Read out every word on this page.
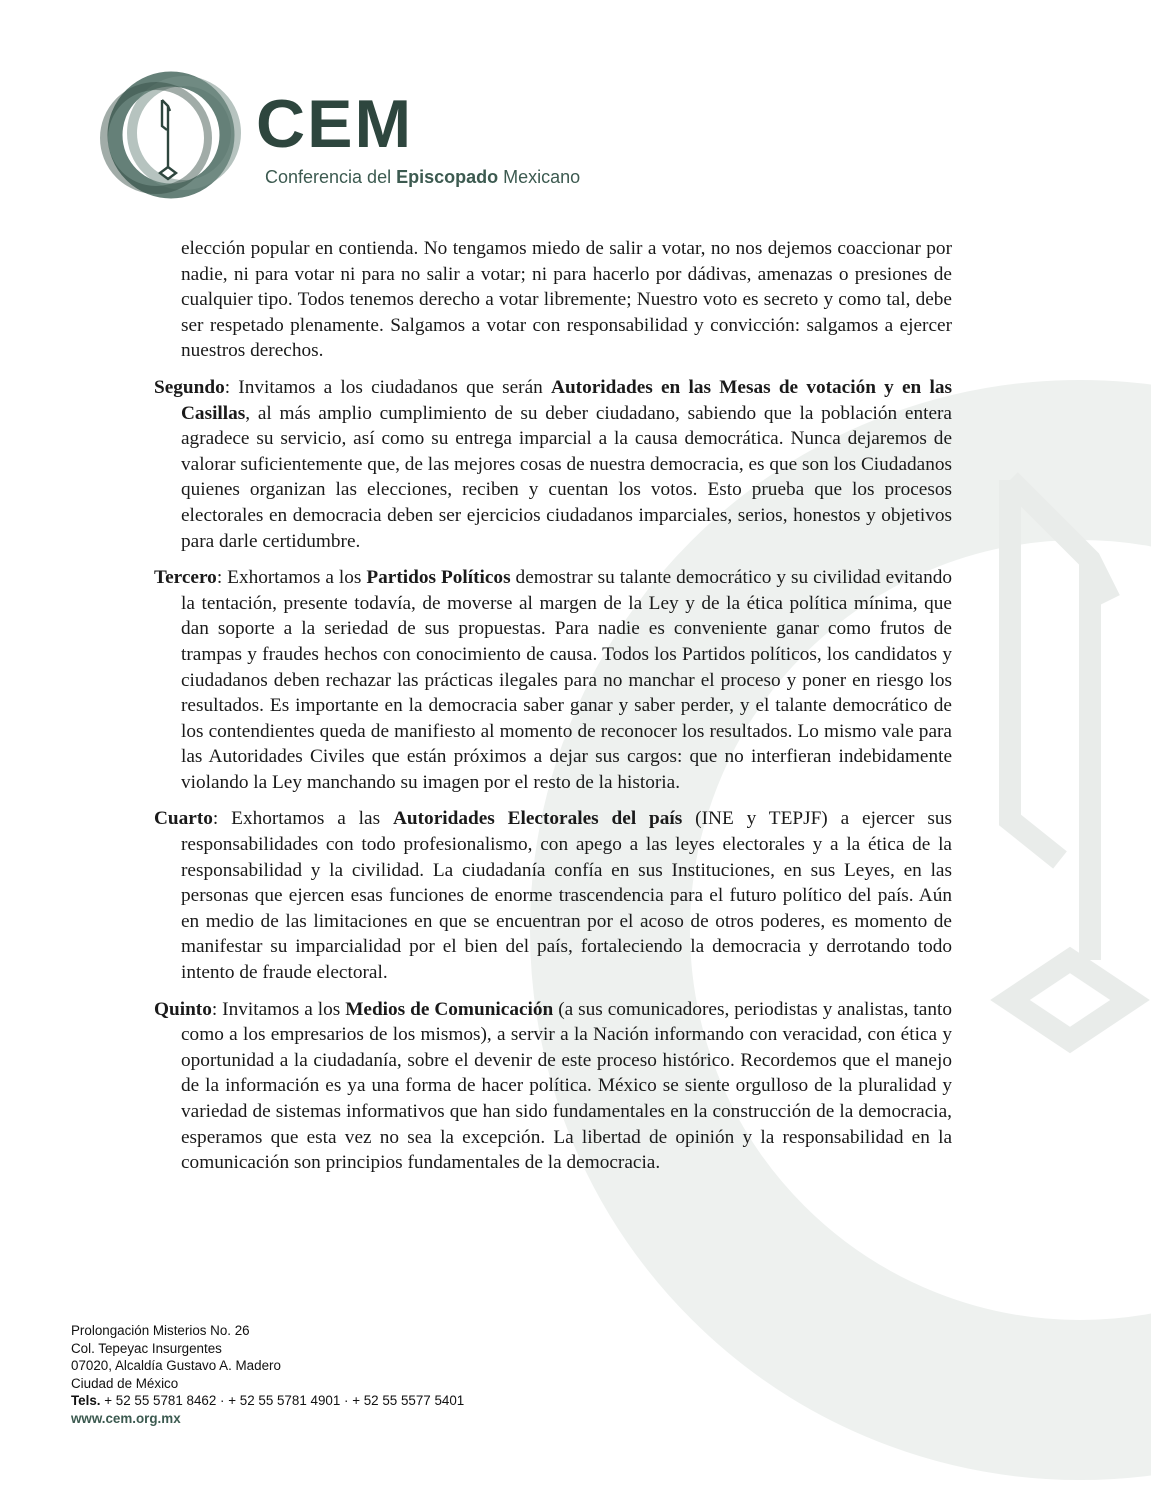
CEM
Conferencia del Episcopado Mexicano

elección popular en contienda. No tengamos miedo de salir a votar, no nos dejemos coaccionar por nadie, ni para votar ni para no salir a votar; ni para hacerlo por dádivas, amenazas o presiones de cualquier tipo. Todos tenemos derecho a votar libremente; Nuestro voto es secreto y como tal, debe ser respetado plenamente. Salgamos a votar con responsabilidad y convicción: salgamos a ejercer nuestros derechos.

Segundo: Invitamos a los ciudadanos que serán Autoridades en las Mesas de votación y en las Casillas, al más amplio cumplimiento de su deber ciudadano, sabiendo que la población entera agradece su servicio, así como su entrega imparcial a la causa democrática. Nunca dejaremos de valorar suficientemente que, de las mejores cosas de nuestra democracia, es que son los Ciudadanos quienes organizan las elecciones, reciben y cuentan los votos. Esto prueba que los procesos electorales en democracia deben ser ejercicios ciudadanos imparciales, serios, honestos y objetivos para darle certidumbre.

Tercero: Exhortamos a los Partidos Políticos demostrar su talante democrático y su civilidad evitando la tentación, presente todavía, de moverse al margen de la Ley y de la ética política mínima, que dan soporte a la seriedad de sus propuestas. Para nadie es conveniente ganar como frutos de trampas y fraudes hechos con conocimiento de causa. Todos los Partidos políticos, los candidatos y ciudadanos deben rechazar las prácticas ilegales para no manchar el proceso y poner en riesgo los resultados. Es importante en la democracia saber ganar y saber perder, y el talante democrático de los contendientes queda de manifiesto al momento de reconocer los resultados. Lo mismo vale para las Autoridades Civiles que están próximos a dejar sus cargos: que no interfieran indebidamente violando la Ley manchando su imagen por el resto de la historia.

Cuarto: Exhortamos a las Autoridades Electorales del país (INE y TEPJF) a ejercer sus responsabilidades con todo profesionalismo, con apego a las leyes electorales y a la ética de la responsabilidad y la civilidad. La ciudadanía confía en sus Instituciones, en sus Leyes, en las personas que ejercen esas funciones de enorme trascendencia para el futuro político del país. Aún en medio de las limitaciones en que se encuentran por el acoso de otros poderes, es momento de manifestar su imparcialidad por el bien del país, fortaleciendo la democracia y derrotando todo intento de fraude electoral.

Quinto: Invitamos a los Medios de Comunicación (a sus comunicadores, periodistas y analistas, tanto como a los empresarios de los mismos), a servir a la Nación informando con veracidad, con ética y oportunidad a la ciudadanía, sobre el devenir de este proceso histórico. Recordemos que el manejo de la información es ya una forma de hacer política. México se siente orgulloso de la pluralidad y variedad de sistemas informativos que han sido fundamentales en la construcción de la democracia, esperamos que esta vez no sea la excepción. La libertad de opinión y la responsabilidad en la comunicación son principios fundamentales de la democracia.

Prolongación Misterios No. 26
Col. Tepeyac Insurgentes
07020, Alcaldía Gustavo A. Madero
Ciudad de México
Tels. + 52 55 5781 8462 · + 52 55 5781 4901 · + 52 55 5577 5401
www.cem.org.mx
